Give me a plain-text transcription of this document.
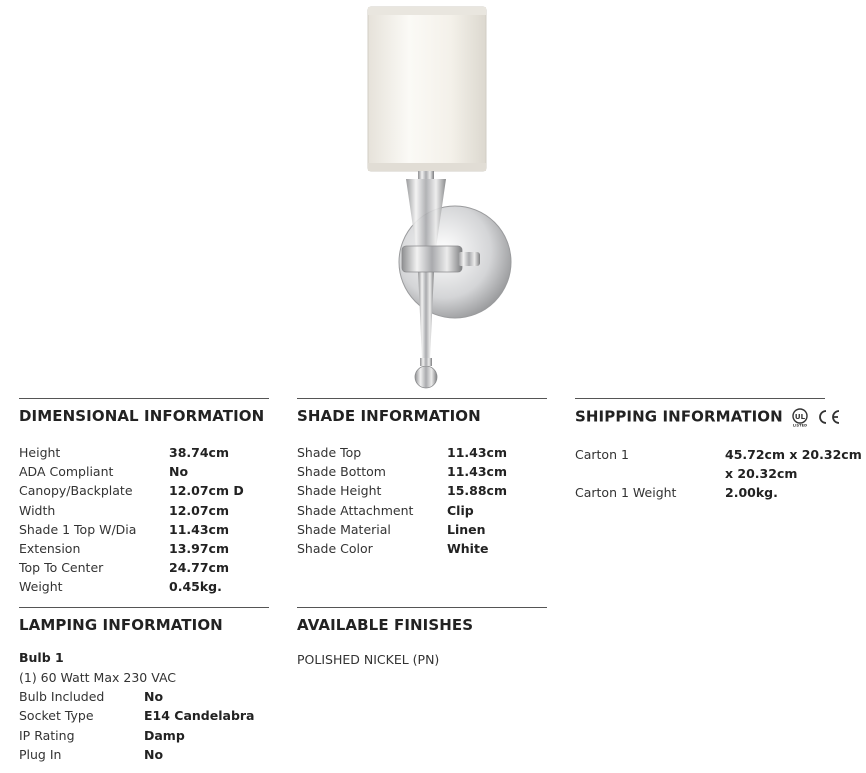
DIMENSIONAL INFORMATION
Height	38.74cm
ADA Compliant	No
Canopy/Backplate	12.07cm D
Width	12.07cm
Shade 1 Top W/Dia	11.43cm
Extension	13.97cm
Top To Center	24.77cm
Weight	0.45kg.
SHADE INFORMATION
Shade Top	11.43cm
Shade Bottom	11.43cm
Shade Height	15.88cm
Shade Attachment	Clip
Shade Material	Linen
Shade Color	White
SHIPPING INFORMATION UL
LISTED
Carton 1	45.72cm x 20.32cm
x 20.32cm
Carton 1 Weight	2.00kg.
LAMPING INFORMATION
Bulb 1
(1) 60 Watt Max 230 VAC
Bulb Included	No
Socket Type	E14 Candelabra
IP Rating	Damp
Plug In	No
AVAILABLE FINISHES
POLISHED NICKEL (PN)
